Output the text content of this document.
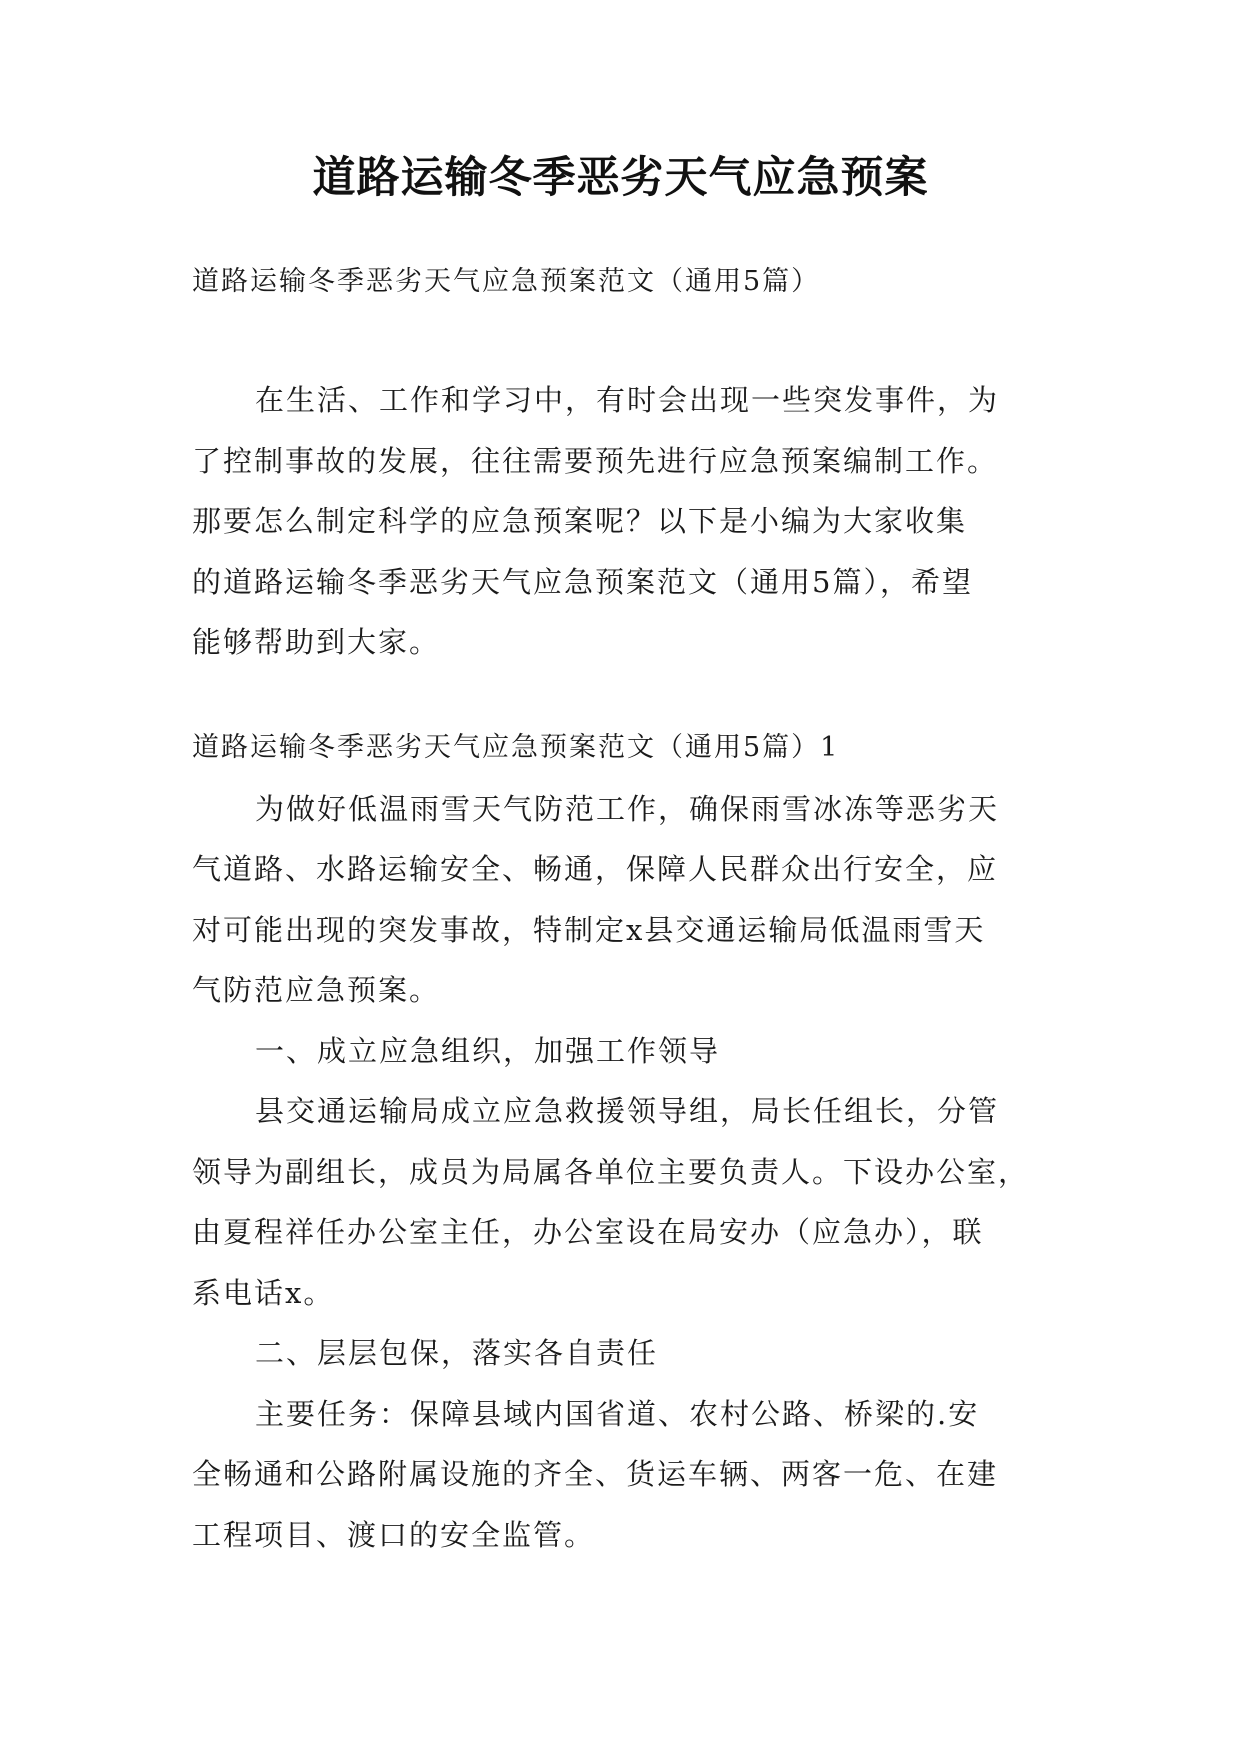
道路运输冬季恶劣天气应急预案
道路运输冬季恶劣天气应急预案范文（通用5篇）
在生活、工作和学习中，有时会出现一些突发事件，为
了控制事故的发展，往往需要预先进行应急预案编制工作。
那要怎么制定科学的应急预案呢？以下是小编为大家收集
的道路运输冬季恶劣天气应急预案范文（通用5篇），希望
能够帮助到大家。
道路运输冬季恶劣天气应急预案范文（通用5篇）1
为做好低温雨雪天气防范工作，确保雨雪冰冻等恶劣天
气道路、水路运输安全、畅通，保障人民群众出行安全，应
对可能出现的突发事故，特制定x县交通运输局低温雨雪天
气防范应急预案。
一、成立应急组织，加强工作领导
县交通运输局成立应急救援领导组，局长任组长，分管
领导为副组长，成员为局属各单位主要负责人。下设办公室，
由夏程祥任办公室主任，办公室设在局安办（应急办），联
系电话x。
二、层层包保，落实各自责任
主要任务：保障县域内国省道、农村公路、桥梁的.安
全畅通和公路附属设施的齐全、货运车辆、两客一危、在建
工程项目、渡口的安全监管。
